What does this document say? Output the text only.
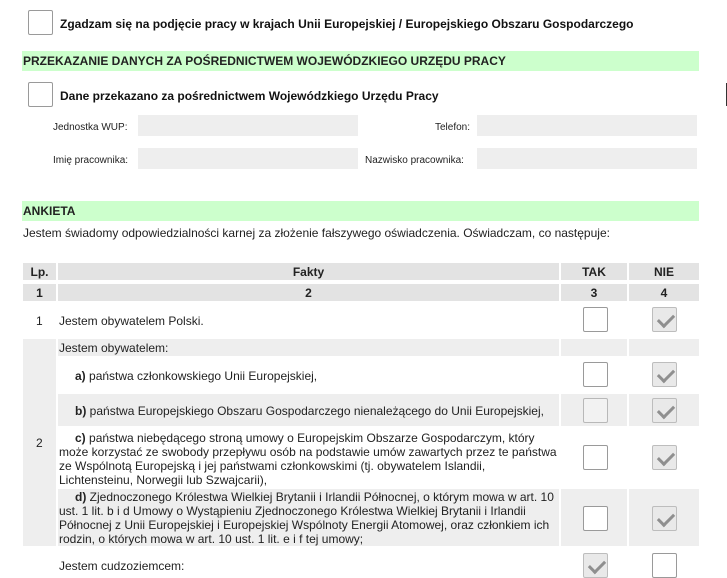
Zgadzam się na podjęcie pracy w krajach Unii Europejskiej / Europejskiego Obszaru Gospodarczego
PRZEKAZANIE DANYCH ZA POŚREDNICTWEM WOJEWÓDZKIEGO URZĘDU PRACY
Dane przekazano za pośrednictwem Wojewódzkiego Urzędu Pracy
Jednostka WUP:	Telefon:
Imię pracownika:	Nazwisko pracownika:
ANKIETA
Jestem świadomy odpowiedzialności karnej za złożenie fałszywego oświadczenia. Oświadczam, co następuje:
Lp.	Fakty	TAK	NIE
1	2	3	4
1 Jestem obywatelem Polski.
2
Jestem obywatelem:
a) państwa członkowskiego Unii Europejskiej,
b) państwa Europejskiego Obszaru Gospodarczego nienależącego do Unii Europejskiej,
c) państwa niebędącego stroną umowy o Europejskim Obszarze Gospodarczym, który
może korzystać ze swobody przepływu osób na podstawie umów zawartych przez te państwa
ze Wspólnotą Europejską i jej państwami członkowskimi (tj. obywatelem Islandii,
Lichtensteinu, Norwegii lub Szwajcarii),
d) Zjednoczonego Królestwa Wielkiej Brytanii i Irlandii Północnej, o którym mowa w art. 10
ust. 1 lit. b i d Umowy o Wystąpieniu Zjednoczonego Królestwa Wielkiej Brytanii i Irlandii
Północnej z Unii Europejskiej i Europejskiej Wspólnoty Energii Atomowej, oraz członkiem ich
rodzin, o których mowa w art. 10 ust. 1 lit. e i f tej umowy;
Jestem cudzoziemcem:
